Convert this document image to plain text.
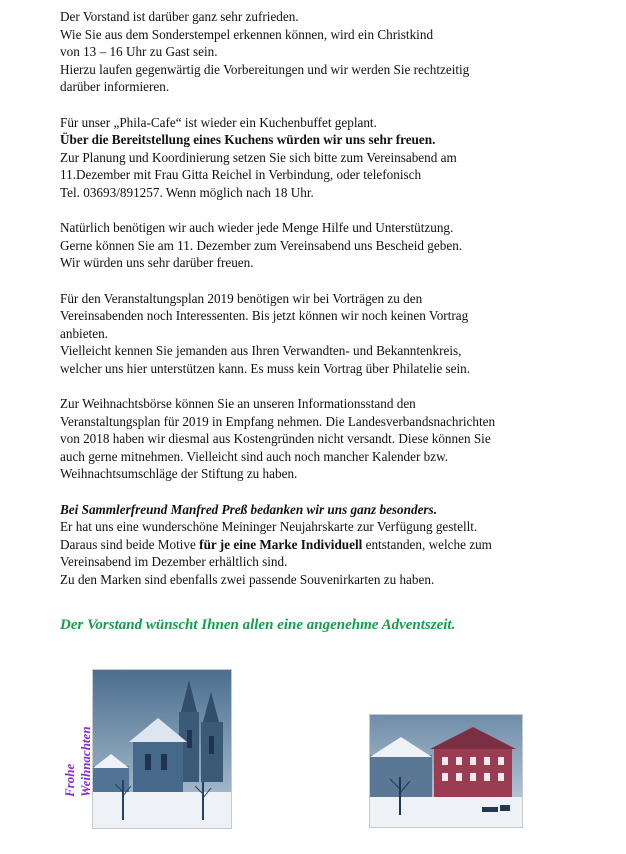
Der Vorstand ist darüber ganz sehr zufrieden.
Wie Sie aus dem Sonderstempel erkennen können, wird ein Christkind
von 13 – 16 Uhr zu Gast sein.
Hierzu laufen gegenwärtig die Vorbereitungen und wir werden Sie rechtzeitig
darüber informieren.

Für unser „Phila-Cafe“ ist wieder ein Kuchenbuffet geplant.
Über die Bereitstellung eines Kuchens würden wir uns sehr freuen.
Zur Planung und Koordinierung setzen Sie sich bitte zum Vereinsabend am
11.Dezember mit Frau Gitta Reichel in Verbindung, oder telefonisch
Tel. 03693/891257. Wenn möglich nach 18 Uhr.

Natürlich benötigen wir auch wieder jede Menge Hilfe und Unterstützung.
Gerne können Sie am 11. Dezember zum Vereinsabend uns Bescheid geben.
Wir würden uns sehr darüber freuen.

Für den Veranstaltungsplan 2019 benötigen wir bei Vorträgen zu den
Vereinsabenden noch Interessenten. Bis jetzt können wir noch keinen Vortrag
anbieten.
Vielleicht kennen Sie jemanden aus Ihren Verwandten- und Bekanntenkreis,
welcher uns hier unterstützen kann. Es muss kein Vortrag über Philatelie sein.

Zur Weihnachtsbörse können Sie an unseren Informationsstand den
Veranstaltungsplan für 2019 in Empfang nehmen. Die Landesverbandsnachrichten
von 2018 haben wir diesmal aus Kostengründen nicht versandt. Diese können Sie
auch gerne mitnehmen. Vielleicht sind auch noch mancher Kalender bzw.
Weihnachtsumschläge der Stiftung zu haben.

Bei Sammlerfreund Manfred Preß bedanken wir uns ganz besonders.
Er hat uns eine wunderschöne Meininger Neujahrskarte zur Verfügung gestellt.
Daraus sind beide Motive für je eine Marke Individuell entstanden, welche zum
Vereinsabend im Dezember erhältlich sind.
Zu den Marken sind ebenfalls zwei passende Souvenirkarten zu haben.

Der Vorstand wünscht Ihnen allen eine angenehme Adventszeit.
Frohe Weihnachten
